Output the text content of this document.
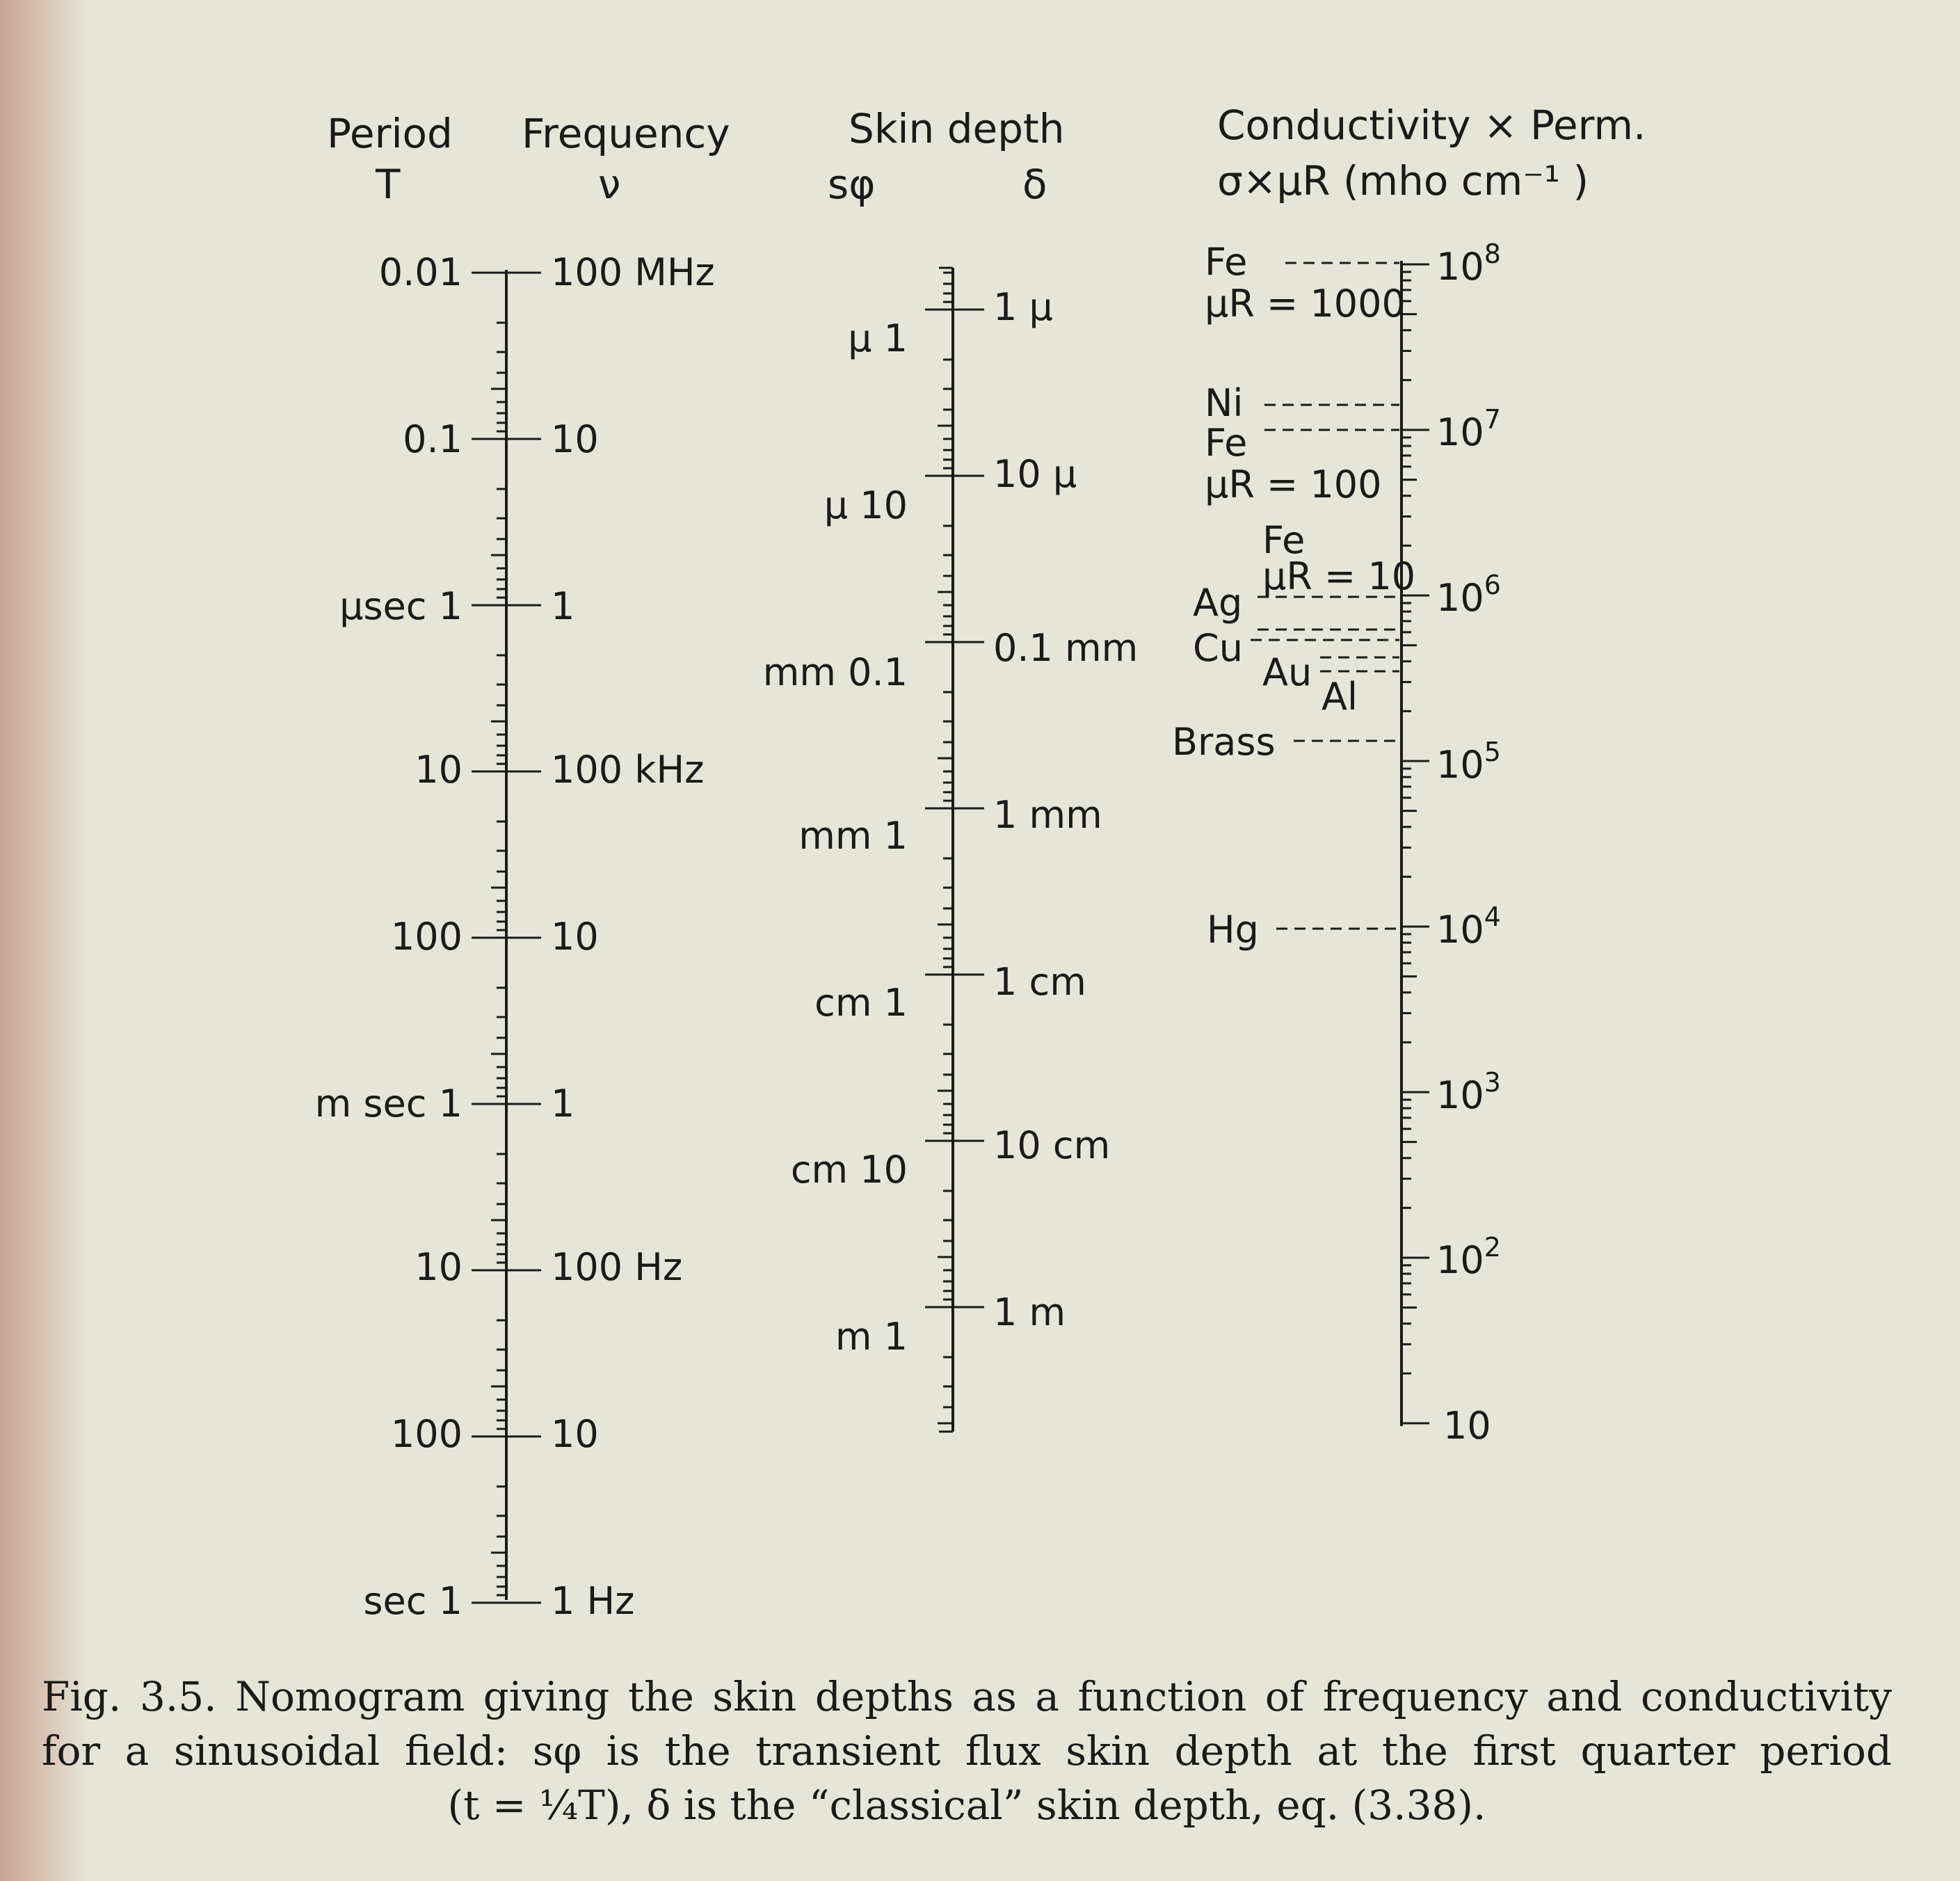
Period
T
Frequency
ν
Skin depth
sφ	δ
Conductivity × Perm.
σ×μR (mho cm⁻¹ )
0.01
0.1
μsec 1
10
100
m sec 1
10
100
sec 1
100 MHz
10
1
100 kHz
10
1
100 Hz
10
1 Hz
μ 1
μ 10
mm 0.1
mm 1
cm 1
cm 10
m 1
1 μ
10 μ
0.1 mm
1 mm
1 cm
10 cm
1 m
$10^8$
$10^7$
$10^6$
$10^5$
$10^4$
$10^3$
$10^2$
10
Fe
μR = 1000
Ni
Fe
μR = 100
Fe
μR = 10
Ag
Cu
Au
Al
Brass
Hg
Fig. 3.5. Nomogram giving the skin depths as a function of frequency and conductivity
for a sinusoidal field: sφ is the transient flux skin depth at the first quarter period
(t = ¼T), δ is the “classical” skin depth, eq. (3.38).
